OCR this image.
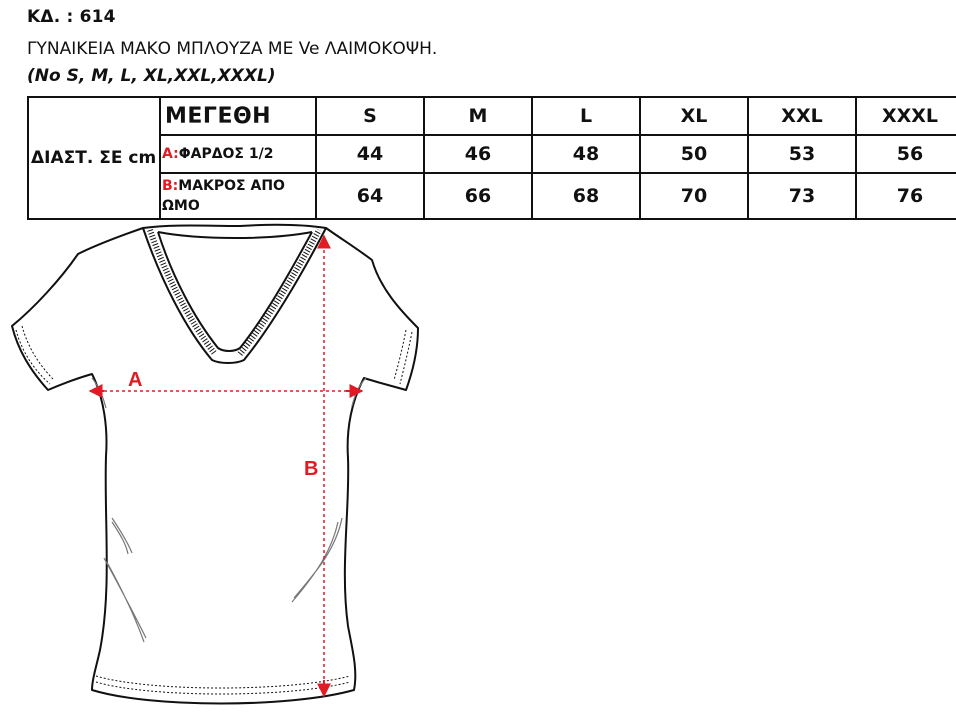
ΚΔ. : 614
ΓΥΝΑΙΚΕΙΑ ΜΑΚΟ ΜΠΛΟΥΖΑ ΜΕ Ve ΛΑΙΜΟΚΟΨΗ.
(No S, M, L, XL,XXL,XXXL)
ΔΙΑΣΤ. ΣΕ cm	ΜΕΓΕΘΗ	S	M	L	XL	XXL	XXXL
	A:ΦΑΡΔΟΣ 1/2	44	46	48	50	53	56
	B:ΜΑΚΡΟΣ ΑΠΟ ΩΜΟ	64	66	68	70	73	76
A
B
